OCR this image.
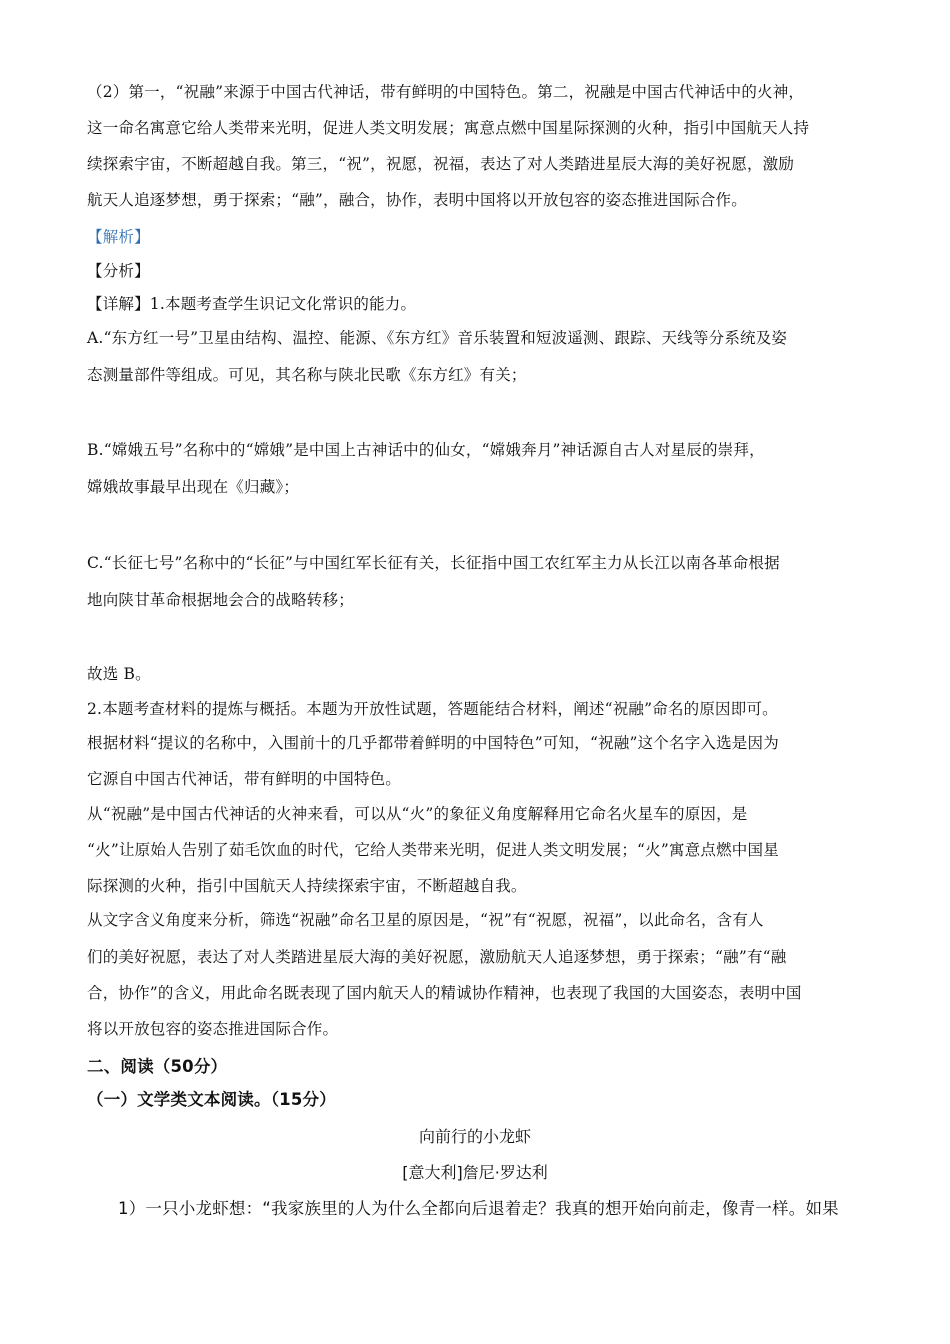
（2）第一，“祝融”来源于中国古代神话，带有鲜明的中国特色。第二，祝融是中国古代神话中的火神，
这一命名寓意它给人类带来光明，促进人类文明发展；寓意点燃中国星际探测的火种，指引中国航天人持
续探索宇宙，不断超越自我。第三，“祝”，祝愿，祝福，表达了对人类踏进星辰大海的美好祝愿，激励
航天人追逐梦想，勇于探索；“融”，融合，协作，表明中国将以开放包容的姿态推进国际合作。
【解析】
【分析】
【详解】1.本题考查学生识记文化常识的能力。
A.“东方红一号”卫星由结构、温控、能源、《东方红》音乐装置和短波遥测、跟踪、天线等分系统及姿
态测量部件等组成。可见，其名称与陕北民歌《东方红》有关；
B.“嫦娥五号”名称中的“嫦娥”是中国上古神话中的仙女，“嫦娥奔月”神话源自古人对星辰的崇拜，
嫦娥故事最早出现在《归藏》；
C.“长征七号”名称中的“长征”与中国红军长征有关，长征指中国工农红军主力从长江以南各革命根据
地向陕甘革命根据地会合的战略转移；
故选 B。
2.本题考查材料的提炼与概括。本题为开放性试题，答题能结合材料，阐述“祝融”命名的原因即可。
根据材料“提议的名称中，入围前十的几乎都带着鲜明的中国特色”可知，“祝融”这个名字入选是因为
它源自中国古代神话，带有鲜明的中国特色。
从“祝融”是中国古代神话的火神来看，可以从“火”的象征义角度解释用它命名火星车的原因，是
“火”让原始人告别了茹毛饮血的时代，它给人类带来光明，促进人类文明发展；“火”寓意点燃中国星
际探测的火种，指引中国航天人持续探索宇宙，不断超越自我。
从文字含义角度来分析，筛选“祝融”命名卫星的原因是，“祝”有“祝愿，祝福”，以此命名，含有人
们的美好祝愿，表达了对人类踏进星辰大海的美好祝愿，激励航天人追逐梦想，勇于探索；“融”有“融
合，协作”的含义，用此命名既表现了国内航天人的精诚协作精神，也表现了我国的大国姿态，表明中国
将以开放包容的姿态推进国际合作。
二、阅读（50分）
（一）文学类文本阅读。（15分）
向前行的小龙虾
[意大利]詹尼·罗达利
1）一只小龙虾想：“我家族里的人为什么全都向后退着走？我真的想开始向前走，像青一样。如果
